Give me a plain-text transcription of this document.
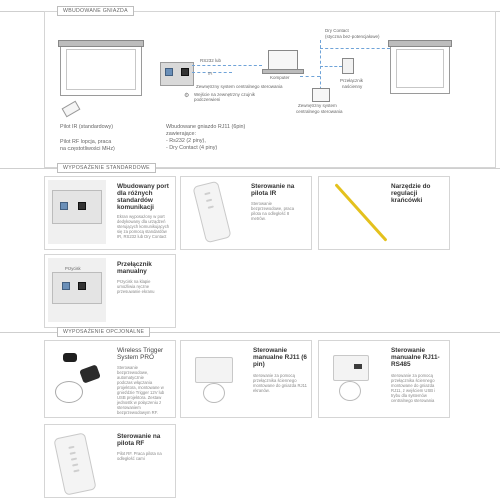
WBUDOWANE GNIAZDA
RS232 lub
IR
Komputer
Zewnętrzny system centralnego sterowania
⚙ Wejście na zewnętrzny czujnik podczerwieni
Dry Contact
(styczna bez-potencjałowe)
Przełącznik
naścienny
Zewnętrzny system
centralnego sterowania
Pilot IR (standardowy)
Pilot RF lopcja, praca
na częstotliwości MHz)
Wbudowane gniazdo RJ11 (6pin)
zawierające:
- Rs232 (2 piny),
- Dry Contact (4 piny)
WYPOSAŻENIE STANDARDOWE
Wbudowany port
dla różnych
standardów
komunikacji
Ekran wyposażony w port
dedykowany dla urządzeń
sterujących komunikujących
się za pomocą standardów
IR, RS232 lub Dry Contact
Sterowanie na
pilota IR
Sterowanie
bezprzewodowe, praca
pilota na odległość 8
metrów.
Narzędzie do
regulacji krańcówki
Przycisk
Przełącznik
manualny
Przycisk na klapie
umożliwia ręczne
przesuwanie ekranu
WYPOSAŻENIE OPCJONALNE
Wireless Trigger
System PRO
Sterowanie
bezprzewodowe,
automatycznie
podczas włączania
projektora, montowane w
gnieździe Trigger 12V lub
USB projektora. Zestaw
jednostk w połączeniu z
sterowaniem
bezprzewodowym RF.
Sterowanie
manualne RJ11 (6
pin)
sterowanie za pomocą
przełącznika ściennego
montowane do gniazda RJ11
ekranów.
Sterowanie
manualne RJ11-
RS485
sterowanie za pomocą
przełącznika ściennego
montowane do gniazda
RJ11, z wejściem USB i
trybu dla systemów
centralnego sterowania
Sterowanie na
pilota RF
Pilot RF. Praca pilota na
odległość cami
